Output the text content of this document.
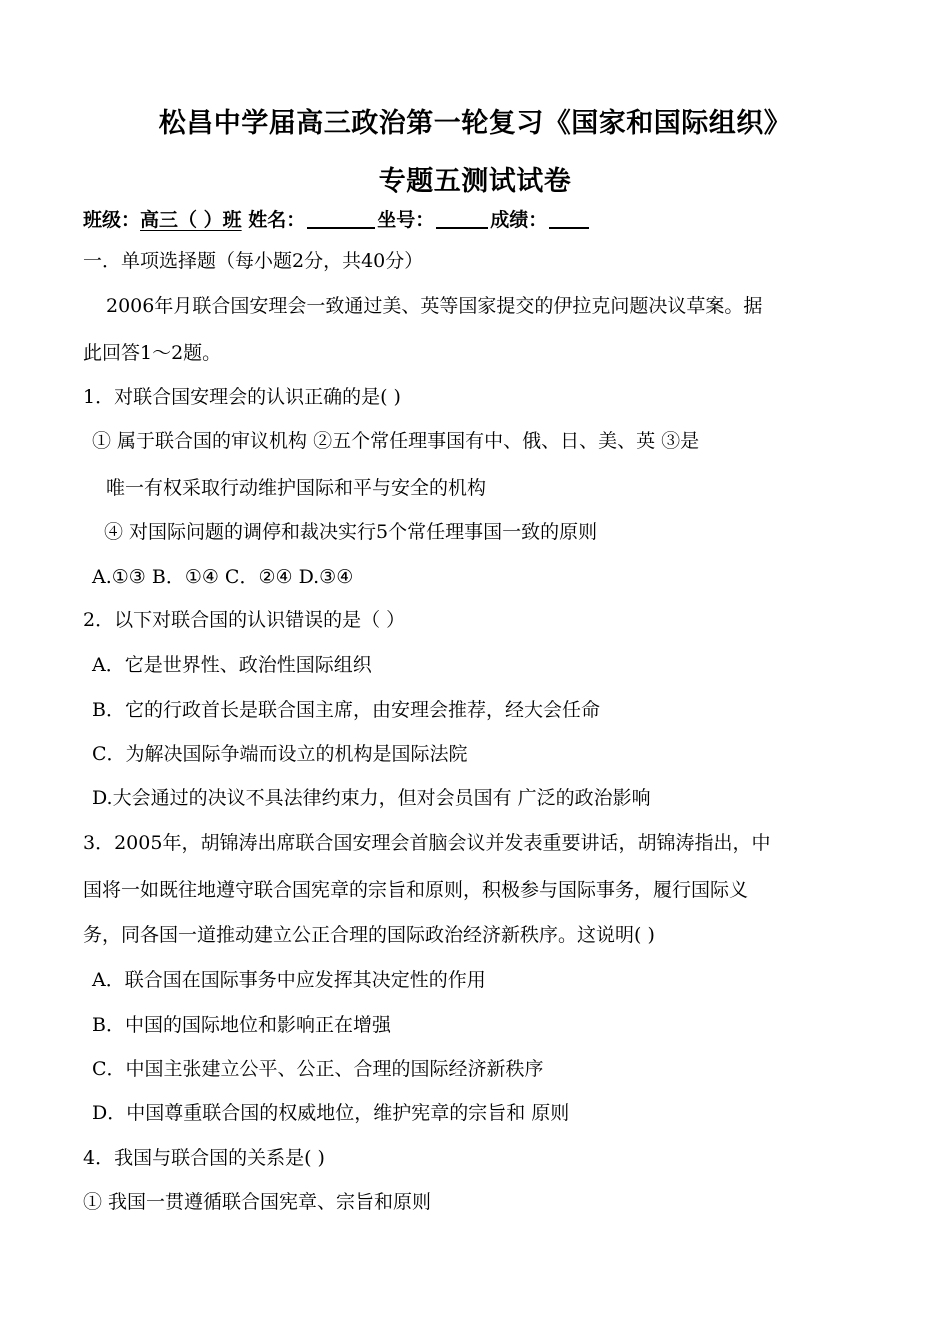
松昌中学届高三政治第一轮复习《国家和国际组织》
专题五测试试卷
班级：高三（ ）班 姓名：	坐号：	成绩：
一．单项选择题（每小题2分，共40分）
2006年月联合国安理会一致通过美、英等国家提交的伊拉克问题决议草案。据
此回答1～2题。
1．对联合国安理会的认识正确的是( )
① 属于联合国的审议机构 ②五个常任理事国有中、俄、日、美、英 ③是
唯一有权采取行动维护国际和平与安全的机构
④ 对国际问题的调停和裁决实行5个常任理事国一致的原则
A.①③ B．①④ C．②④ D.③④
2．以下对联合国的认识错误的是（ ）
A．它是世界性、政治性国际组织
B．它的行政首长是联合国主席，由安理会推荐，经大会任命
C．为解决国际争端而设立的机构是国际法院
D.大会通过的决议不具法律约束力，但对会员国有 广泛的政治影响
3．2005年，胡锦涛出席联合国安理会首脑会议并发表重要讲话，胡锦涛指出，中
国将一如既往地遵守联合国宪章的宗旨和原则，积极参与国际事务，履行国际义
务，同各国一道推动建立公正合理的国际政治经济新秩序。这说明( )
A．联合国在国际事务中应发挥其决定性的作用
B．中国的国际地位和影响正在增强
C．中国主张建立公平、公正、合理的国际经济新秩序
D．中国尊重联合国的权威地位，维护宪章的宗旨和 原则
4．我国与联合国的关系是( )
① 我国一贯遵循联合国宪章、宗旨和原则
